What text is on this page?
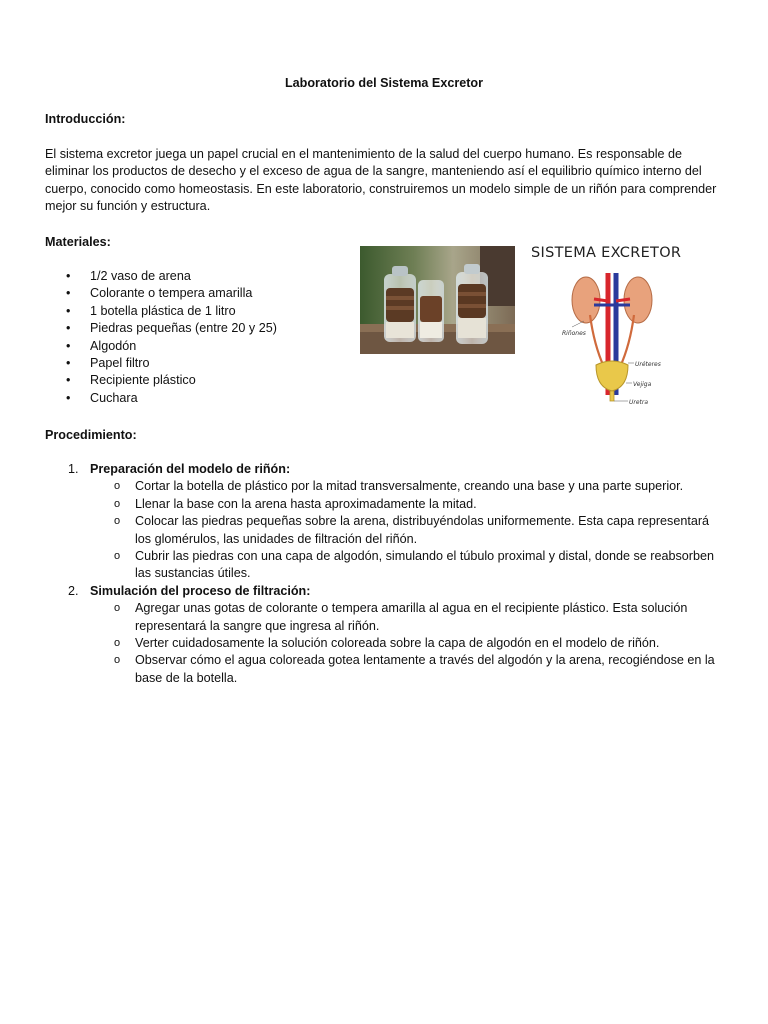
Laboratorio del Sistema Excretor
Introducción:

El sistema excretor juega un papel crucial en el mantenimiento de la salud del cuerpo humano. Es responsable de eliminar los productos de desecho y el exceso de agua de la sangre, manteniendo así el equilibrio químico interno del cuerpo, conocido como homeostasis. En este laboratorio, construiremos un modelo simple de un riñón para comprender mejor su función y estructura.

Materiales:
• 1/2 vaso de arena
• Colorante o tempera amarilla
• 1 botella plástica de 1 litro
• Piedras pequeñas (entre 20 y 25)
• Algodón
• Papel filtro
• Recipiente plástico
• Cuchara
SISTEMA EXCRETOR
Riñones
Uréteres
Vejiga
Uretra
Procedimiento:
1. Preparación del modelo de riñón:
o Cortar la botella de plástico por la mitad transversalmente, creando una base y una parte superior.
o Llenar la base con la arena hasta aproximadamente la mitad.
o Colocar las piedras pequeñas sobre la arena, distribuyéndolas uniformemente. Esta capa representará los glomérulos, las unidades de filtración del riñón.
o Cubrir las piedras con una capa de algodón, simulando el túbulo proximal y distal, donde se reabsorben las sustancias útiles.
2. Simulación del proceso de filtración:
o Agregar unas gotas de colorante o tempera amarilla al agua en el recipiente plástico. Esta solución representará la sangre que ingresa al riñón.
o Verter cuidadosamente la solución coloreada sobre la capa de algodón en el modelo de riñón.
o Observar cómo el agua coloreada gotea lentamente a través del algodón y la arena, recogiéndose en la base de la botella.
